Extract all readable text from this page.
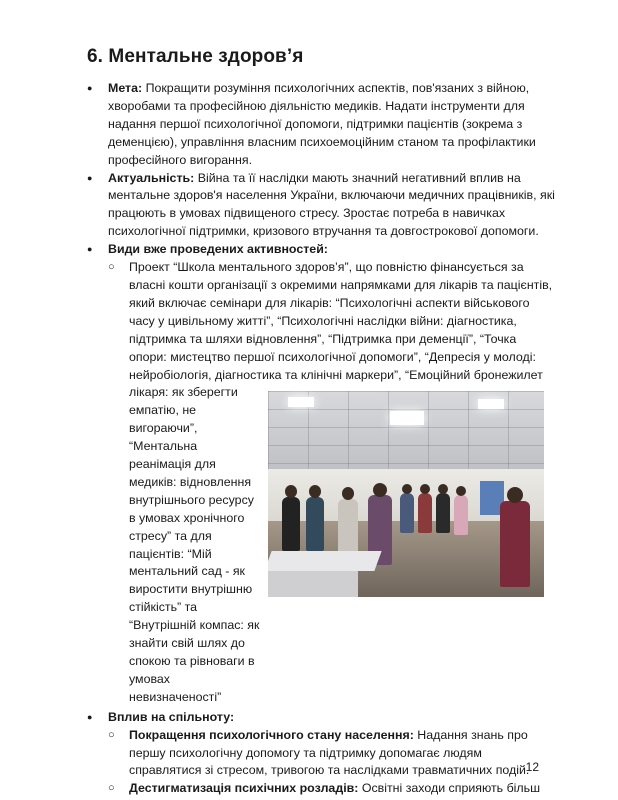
6. Ментальне здоров’я

● Мета: Покращити розуміння психологічних аспектів, пов'язаних з війною, хворобами та професійною діяльністю медиків. Надати інструменти для надання першої психологічної допомоги, підтримки пацієнтів (зокрема з деменцією), управління власним психоемоційним станом та профілактики професійного вигорання.

● Актуальність: Війна та її наслідки мають значний негативний вплив на ментальне здоров'я населення України, включаючи медичних працівників, які працюють в умовах підвищеного стресу. Зростає потреба в навичках психологічної підтримки, кризового втручання та довгострокової допомоги.

● Види вже проведених активностей:

○ Проект “Школа ментального здоров’я”, що повністю фінансується за власні кошти організації з окремими напрямками для лікарів та пацієнтів, який включає семінари для лікарів: “Психологічні аспекти військового часу у цивільному житті”, “Психологічні наслідки війни: діагностика, підтримка та шляхи відновлення”, “Підтримка при деменції”, “Точка опори: мистецтво першої психологічної допомоги”, “Депресія у молоді: нейробіологія, діагностика та клінічні маркери”, “Емоційний бронежилет
лікаря: як зберегти емпатію, не вигораючи”, “Ментальна реанімація для медиків: відновлення внутрішнього ресурсу в умовах хронічного стресу” та для пацієнтів: “Мій ментальний сад - як виростити внутрішню стійкість” та “Внутрішній компас: як знайти свій шлях до спокою та рівноваги в умовах невизначеності”

● Вплив на спільноту:

○ Покращення психологічного стану населення: Надання знань про першу психологічну допомогу та підтримку допомагає людям справлятися зі стресом, тривогою та наслідками травматичних подій.
○ Дестигматизація психічних розладів: Освітні заходи сприяють більш
12
